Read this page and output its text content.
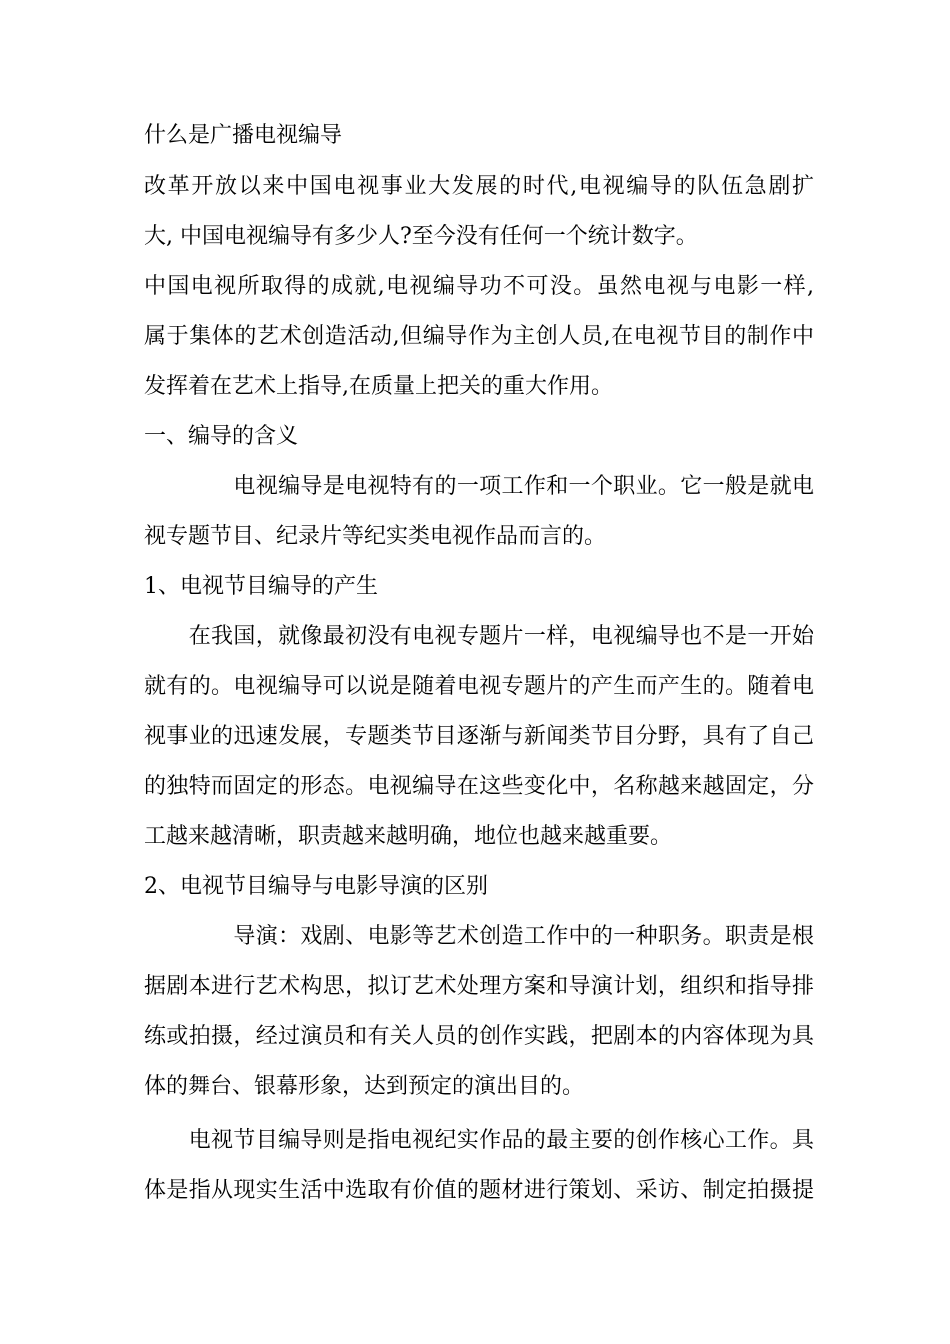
什么是广播电视编导
改革开放以来中国电视事业大发展的时代,电视编导的队伍急剧扩
大, 中国电视编导有多少人?至今没有任何一个统计数字。
中国电视所取得的成就,电视编导功不可没。虽然电视与电影一样,
属于集体的艺术创造活动,但编导作为主创人员,在电视节目的制作中
发挥着在艺术上指导,在质量上把关的重大作用。
一、编导的含义
　　　　电视编导是电视特有的一项工作和一个职业。它一般是就电
视专题节目、纪录片等纪实类电视作品而言的。
1、电视节目编导的产生
　　在我国，就像最初没有电视专题片一样，电视编导也不是一开始
就有的。电视编导可以说是随着电视专题片的产生而产生的。随着电
视事业的迅速发展，专题类节目逐渐与新闻类节目分野，具有了自己
的独特而固定的形态。电视编导在这些变化中，名称越来越固定，分
工越来越清晰，职责越来越明确，地位也越来越重要。
2、电视节目编导与电影导演的区别
　　　　导演：戏剧、电影等艺术创造工作中的一种职务。职责是根
据剧本进行艺术构思，拟订艺术处理方案和导演计划，组织和指导排
练或拍摄，经过演员和有关人员的创作实践，把剧本的内容体现为具
体的舞台、银幕形象，达到预定的演出目的。
　　电视节目编导则是指电视纪实作品的最主要的创作核心工作。具
体是指从现实生活中选取有价值的题材进行策划、采访、制定拍摄提
